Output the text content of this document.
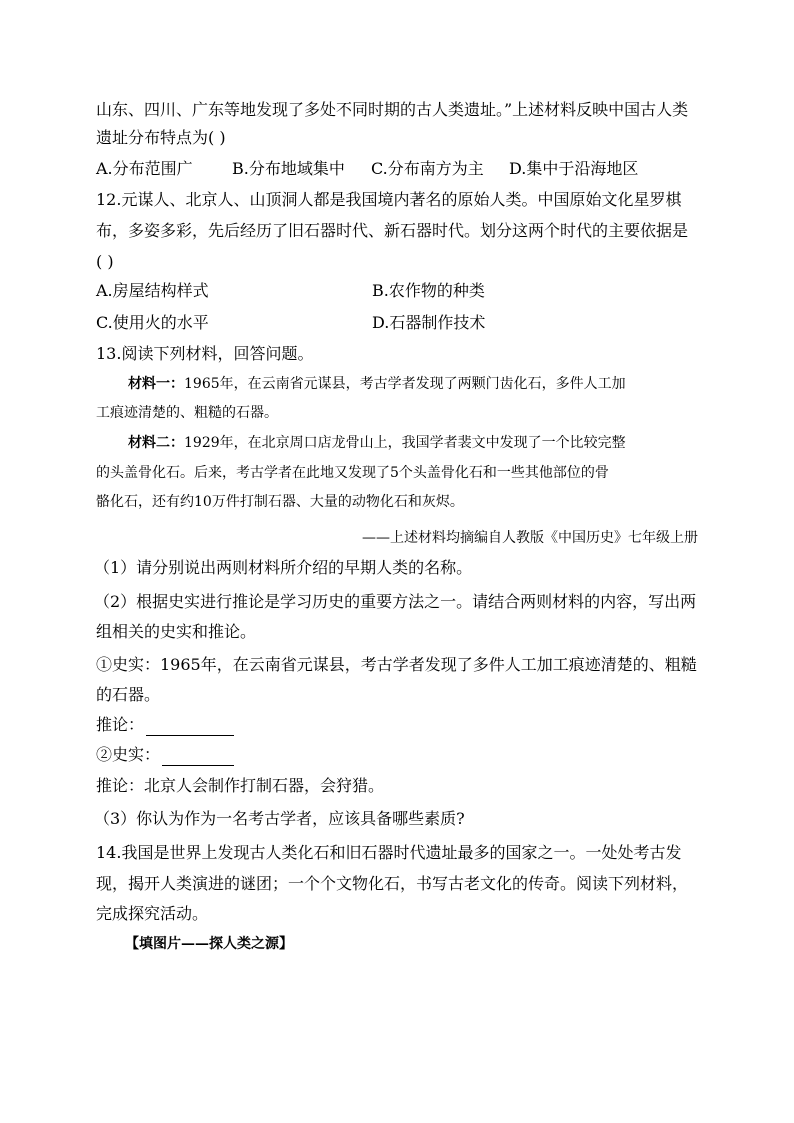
山东、四川、广东等地发现了多处不同时期的古人类遗址。”上述材料反映中国古人类
遗址分布特点为( )
A.分布范围广 B.分布地域集中 C.分布南方为主 D.集中于沿海地区
12.元谋人、北京人、山顶洞人都是我国境内著名的原始人类。中国原始文化星罗棋
布，多姿多彩，先后经历了旧石器时代、新石器时代。划分这两个时代的主要依据是
( )
A.房屋结构样式	B.农作物的种类
C.使用火的水平	D.石器制作技术
13.阅读下列材料，回答问题。
材料一：1965年，在云南省元谋县，考古学者发现了两颗门齿化石，多件人工加
工痕迹清楚的、粗糙的石器。
材料二：1929年，在北京周口店龙骨山上，我国学者裴文中发现了一个比较完整
的头盖骨化石。后来，考古学者在此地又发现了5个头盖骨化石和一些其他部位的骨
骼化石，还有约10万件打制石器、大量的动物化石和灰烬。
——上述材料均摘编自人教版《中国历史》七年级上册
（1）请分别说出两则材料所介绍的早期人类的名称。
（2）根据史实进行推论是学习历史的重要方法之一。请结合两则材料的内容，写出两
组相关的史实和推论。
①史实：1965年，在云南省元谋县，考古学者发现了多件人工加工痕迹清楚的、粗糙
的石器。
推论：
②史实：
推论：北京人会制作打制石器，会狩猎。
（3）你认为作为一名考古学者，应该具备哪些素质?
14.我国是世界上发现古人类化石和旧石器时代遗址最多的国家之一。一处处考古发
现，揭开人类演进的谜团；一个个文物化石，书写古老文化的传奇。阅读下列材料，
完成探究活动。
【填图片——探人类之源】
